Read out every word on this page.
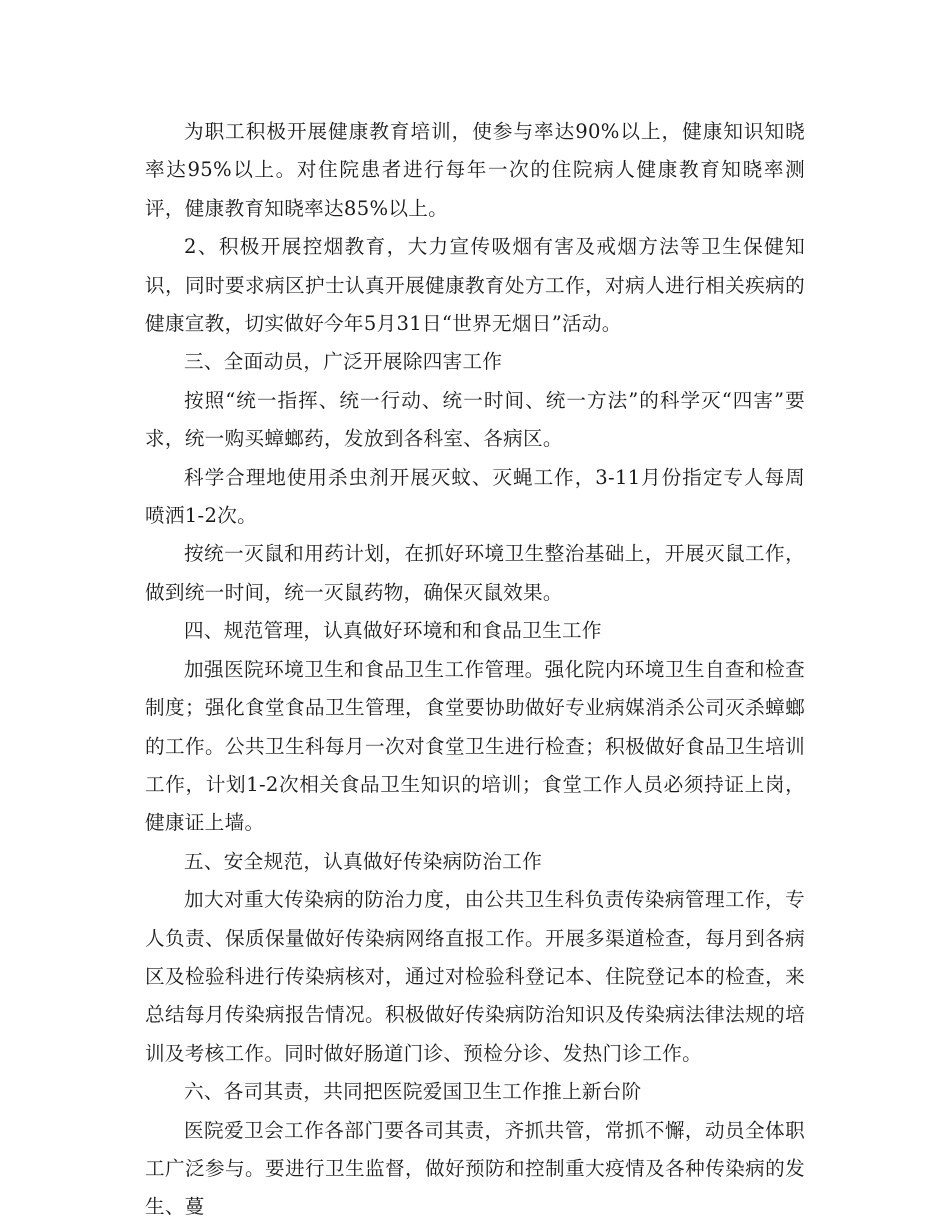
为职工积极开展健康教育培训，使参与率达90%以上，健康知识知晓率达95%以上。对住院患者进行每年一次的住院病人健康教育知晓率测评，健康教育知晓率达85%以上。

2、积极开展控烟教育，大力宣传吸烟有害及戒烟方法等卫生保健知识，同时要求病区护士认真开展健康教育处方工作，对病人进行相关疾病的健康宣教，切实做好今年5月31日“世界无烟日”活动。

三、全面动员，广泛开展除四害工作

按照“统一指挥、统一行动、统一时间、统一方法”的科学灭“四害”要求，统一购买蟑螂药，发放到各科室、各病区。

科学合理地使用杀虫剂开展灭蚊、灭蝇工作，3-11月份指定专人每周喷洒1-2次。

按统一灭鼠和用药计划，在抓好环境卫生整治基础上，开展灭鼠工作，做到统一时间，统一灭鼠药物，确保灭鼠效果。

四、规范管理，认真做好环境和和食品卫生工作

加强医院环境卫生和食品卫生工作管理。强化院内环境卫生自查和检查制度；强化食堂食品卫生管理，食堂要协助做好专业病媒消杀公司灭杀蟑螂的工作。公共卫生科每月一次对食堂卫生进行检查；积极做好食品卫生培训工作，计划1-2次相关食品卫生知识的培训；食堂工作人员必须持证上岗，健康证上墙。

五、安全规范，认真做好传染病防治工作

加大对重大传染病的防治力度，由公共卫生科负责传染病管理工作，专人负责、保质保量做好传染病网络直报工作。开展多渠道检查，每月到各病区及检验科进行传染病核对，通过对检验科登记本、住院登记本的检查，来总结每月传染病报告情况。积极做好传染病防治知识及传染病法律法规的培训及考核工作。同时做好肠道门诊、预检分诊、发热门诊工作。

六、各司其责，共同把医院爱国卫生工作推上新台阶

医院爱卫会工作各部门要各司其责，齐抓共管，常抓不懈，动员全体职工广泛参与。要进行卫生监督，做好预防和控制重大疫情及各种传染病的发生、蔓
